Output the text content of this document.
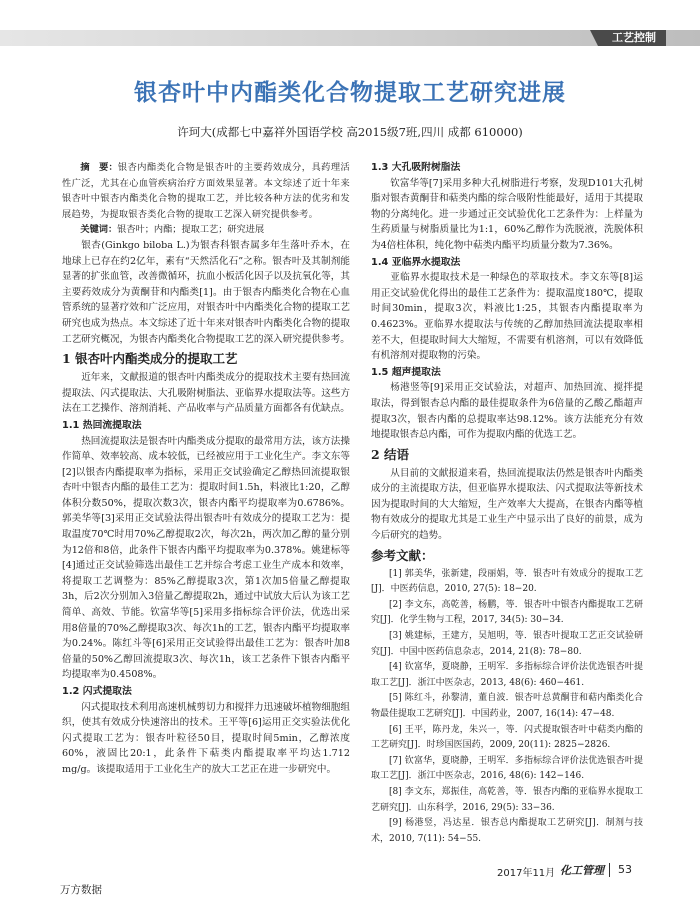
工艺控制
银杏叶中内酯类化合物提取工艺研究进展
许珂大(成都七中嘉祥外国语学校 高2015级7班,四川 成都 610000)

摘　要：银杏内酯类化合物是银杏叶的主要药效成分，具药理活性广泛，尤其在心血管疾病治疗方面效果显著。本文综述了近十年来银杏叶中银杏内酯类化合物的提取工艺，并比较各种方法的优劣和发展趋势，为提取银杏类化合物的提取工艺深入研究提供参考。

关键词：银杏叶；内酯；提取工艺；研究进展

银杏(Ginkgo biloba L.)为银杏科银杏属多年生落叶乔木，在地球上已存在约2亿年，素有“天然活化石”之称。银杏叶及其制剂能显著的扩张血管，改善微循环，抗血小板活化因子以及抗氧化等，其主要药效成分为黄酮苷和内酯类[1]。由于银杏内酯类化合物在心血管系统的显著疗效和广泛应用，对银杏叶中内酯类化合物的提取工艺研究也成为热点。本文综述了近十年来对银杏叶内酯类化合物的提取工艺研究概况，为银杏内酯类化合物提取工艺的深入研究提供参考。

1 银杏叶内酯类成分的提取工艺

近年来，文献报道的银杏叶内酯类成分的提取技术主要有热回流提取法、闪式提取法、大孔吸附树脂法、亚临界水提取法等。这些方法在工艺操作、溶剂消耗、产品收率与产品质量方面都各有优缺点。

1.1 热回流提取法

热回流提取法是银杏叶内酯类成分提取的最常用方法，该方法操作简单、效率较高、成本较低，已经被应用于工业化生产。李文东等[2]以银杏内酯提取率为指标，采用正交试验确定乙醇热回流提取银杏叶中银杏内酯的最佳工艺为：提取时间1.5h，料液比1:20，乙醇体积分数50%，提取次数3次，银杏内酯平均提取率为0.6786%。郭美华等[3]采用正交试验法得出银杏叶有效成分的提取工艺为：提取温度70℃时用70%乙醇提取2次，每次2h，两次加乙醇的量分别为12倍和8倍，此条件下银杏内酯平均提取率为0.378%。姚建标等[4]通过正交试验筛选出最佳工艺并综合考虑工业生产成本和效率，将提取工艺调整为：85%乙醇提取3次，第1次加5倍量乙醇提取3h，后2次分别加入3倍量乙醇提取2h，通过中试放大后认为该工艺简单、高效、节能。钦富华等[5]采用多指标综合评价法，优选出采用8倍量的70%乙醇提取3次、每次1h的工艺，银杏内酯平均提取率为0.24%。陈红斗等[6]采用正交试验得出最佳工艺为：银杏叶加8倍量的50%乙醇回流提取3次、每次1h，该工艺条件下银杏内酯平均提取率为0.4508%。

1.2 闪式提取法

闪式提取技术利用高速机械剪切力和搅拌力迅速破坏植物细胞组织，使其有效成分快速溶出的技术。王平等[6]运用正交实验法优化闪式提取工艺为：银杏叶粒径50目，提取时间5min，乙醇浓度60%，液固比20:1，此条件下萜类内酯提取率平均达1.712 mg/g。该提取适用于工业化生产的放大工艺正在进一步研究中。

1.3 大孔吸附树脂法

钦富华等[7]采用多种大孔树脂进行考察，发现D101大孔树脂对银杏黄酮苷和萜类内酯的综合吸附性能最好，适用于其提取物的分离纯化。进一步通过正交试验优化工艺条件为：上样量为生药质量与树脂质量比为1:1，60%乙醇作为洗脱液，洗脱体积为4倍柱体积，纯化物中萜类内酯平均质量分数为7.36%。

1.4 亚临界水提取法

亚临界水提取技术是一种绿色的萃取技术。李文东等[8]运用正交试验优化得出的最佳工艺条件为：提取温度180℃，提取时间30min，提取3次，料液比1:25，其银杏内酯提取率为0.4623%。亚临界水提取法与传统的乙醇加热回流法提取率相差不大，但提取时间大大缩短，不需要有机溶剂，可以有效降低有机溶剂对提取物的污染。

1.5 超声提取法

杨港竖等[9]采用正交试验法，对超声、加热回流、搅拌提取法，得到银杏总内酯的最佳提取条件为6倍量的乙酸乙酯超声提取3次，银杏内酯的总提取率达98.12%。该方法能充分有效地提取银杏总内酯，可作为提取内酯的优选工艺。

2 结语

从目前的文献报道来看，热回流提取法仍然是银杏叶内酯类成分的主流提取方法，但亚临界水提取法、闪式提取法等新技术因为提取时间的大大缩短，生产效率大大提高，在银杏内酯等植物有效成分的提取尤其是工业生产中显示出了良好的前景，成为今后研究的趋势。

参考文献：

[1] 郭美华，张新建，段丽娟，等．银杏叶有效成分的提取工艺[J]．中医药信息，2010, 27(5): 18−20.

[2] 李文东，高乾善，杨鹏，等．银杏叶中银杏内酯提取工艺研究[J]．化学生物与工程，2017, 34(5): 30−34.

[3] 姚建标，王建方，吴旭明，等．银杏叶提取工艺正交试验研究[J]．中国中医药信息杂志，2014, 21(8): 78−80.

[4] 钦富华，夏晓静，王明军．多指标综合评价法优选银杏叶提取工艺[J]．浙江中医杂志，2013, 48(6): 460−461.

[5] 陈红斗，孙黎清，董自波．银杏叶总黄酮苷和萜内酯类化合物最佳提取工艺研究[J]．中国药业，2007, 16(14): 47−48.

[6] 王平，陈丹龙，朱兴一，等．闪式提取银杏叶中萜类内酯的工艺研究[J]．时珍国医国药，2009, 20(11): 2825−2826.

[7] 钦富华，夏晓静，王明军．多指标综合评价法优选银杏叶提取工艺[J]．浙江中医杂志，2016, 48(6): 142−146.

[8] 李文东，郑振佳，高乾善，等．银杏内酯的亚临界水提取工艺研究[J]．山东科学，2016, 29(5): 33−36.

[9] 杨港竖，冯达星．银杏总内酯提取工艺研究[J]．制剂与技术，2010, 7(11): 54−55.

2017年11月 化工管理 53
万方数据
